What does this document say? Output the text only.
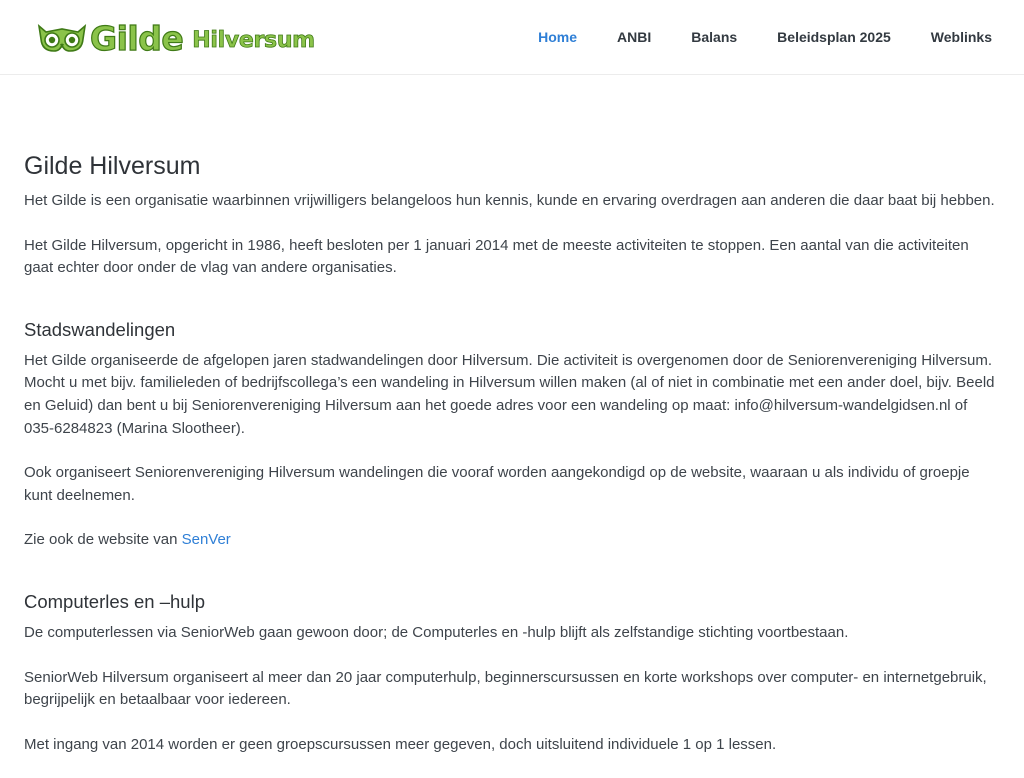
Gilde Hilversum	Home	ANBI	Balans	Beleidsplan 2025	Weblinks
Gilde Hilversum

Het Gilde is een organisatie waarbinnen vrijwilligers belangeloos hun kennis, kunde en ervaring overdragen aan anderen die daar baat bij hebben.

Het Gilde Hilversum, opgericht in 1986, heeft besloten per 1 januari 2014 met de meeste activiteiten te stoppen. Een aantal van die activiteiten gaat echter door onder de vlag van andere organisaties.

Stadswandelingen

Het Gilde organiseerde de afgelopen jaren stadwandelingen door Hilversum. Die activiteit is overgenomen door de Seniorenvereniging Hilversum. Mocht u met bijv. familieleden of bedrijfscollega’s een wandeling in Hilversum willen maken (al of niet in combinatie met een ander doel, bijv. Beeld en Geluid) dan bent u bij Seniorenvereniging Hilversum aan het goede adres voor een wandeling op maat: info@hilversum-wandelgidsen.nl of 035-6284823 (Marina Slootheer).

Ook organiseert Seniorenvereniging Hilversum wandelingen die vooraf worden aangekondigd op de website, waaraan u als individu of groepje kunt deelnemen.

Zie ook de website van SenVer

Computerles en –hulp

De computerlessen via SeniorWeb gaan gewoon door; de Computerles en -hulp blijft als zelfstandige stichting voortbestaan.

SeniorWeb Hilversum organiseert al meer dan 20 jaar computerhulp, beginnerscursussen en korte workshops over computer- en internetgebruik, begrijpelijk en betaalbaar voor iedereen.

Met ingang van 2014 worden er geen groepscursussen meer gegeven, doch uitsluitend individuele 1 op 1 lessen.
